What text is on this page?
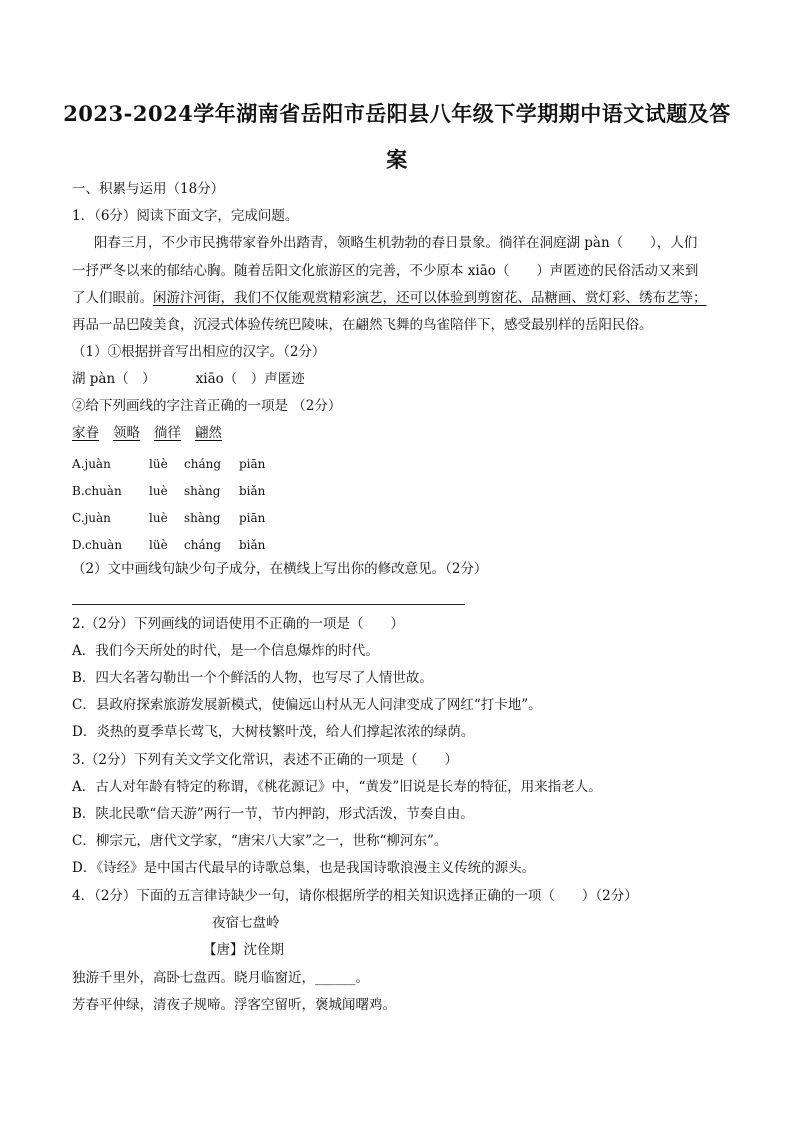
2023-2024学年湖南省岳阳市岳阳县八年级下学期期中语文试题及答
案
一、积累与运用（18分）
1．（6分）阅读下面文字，完成问题。
阳春三月，不少市民携带家眷外出踏青，领略生机勃勃的春日景象。徜徉在洞庭湖 pàn（　　），人们
一抒严冬以来的郁结心胸。随着岳阳文化旅游区的完善，不少原本 xiāo（　　）声匿迹的民俗活动又来到
了人们眼前。闲游汴河街，我们不仅能观赏精彩演艺，还可以体验到剪窗花、品糖画、赏灯彩、绣布艺等；
再品一品巴陵美食，沉浸式体验传统巴陵味，在翩然飞舞的鸟雀陪伴下，感受最别样的岳阳民俗。
（1）①根据拼音写出相应的汉字。（2分）
湖 pàn（　）	xiāo（　）声匿迹
②给下列画线的字注音正确的一项是 （2分）
家眷 领略 徜徉 翩然
A.juàn	lüè cháng piān
B.chuàn luè shàng biǎn
C.juàn	luè shàng piān
D.chuàn lüè cháng biǎn
（2）文中画线句缺少句子成分，在横线上写出你的修改意见。（2分）
2.（2分）下列画线的词语使用不正确的一项是（　　）
A．我们今天所处的时代，是一个信息爆炸的时代。
B．四大名著勾勒出一个个鲜活的人物，也写尽了人情世故。
C．县政府探索旅游发展新模式，使偏远山村从无人问津变成了网红“打卡地”。
D．炎热的夏季草长莺飞，大树枝繁叶茂，给人们撑起浓浓的绿荫。
3.（2分）下列有关文学文化常识，表述不正确的一项是（　　）
A．古人对年龄有特定的称谓，《桃花源记》中，“黄发”旧说是长寿的特征，用来指老人。
B．陕北民歌“信天游”两行一节，节内押韵，形式活泼，节奏自由。
C．柳宗元，唐代文学家，“唐宋八大家”之一，世称“柳河东”。
D．《诗经》是中国古代最早的诗歌总集，也是我国诗歌浪漫主义传统的源头。
4．（2分）下面的五言律诗缺少一句，请你根据所学的相关知识选择正确的一项（　　）（2分）
夜宿七盘岭
【唐】沈佺期
独游千里外，高卧七盘西。晓月临窗近，______。
芳春平仲绿，清夜子规啼。浮客空留听，褒城闻曙鸡。
